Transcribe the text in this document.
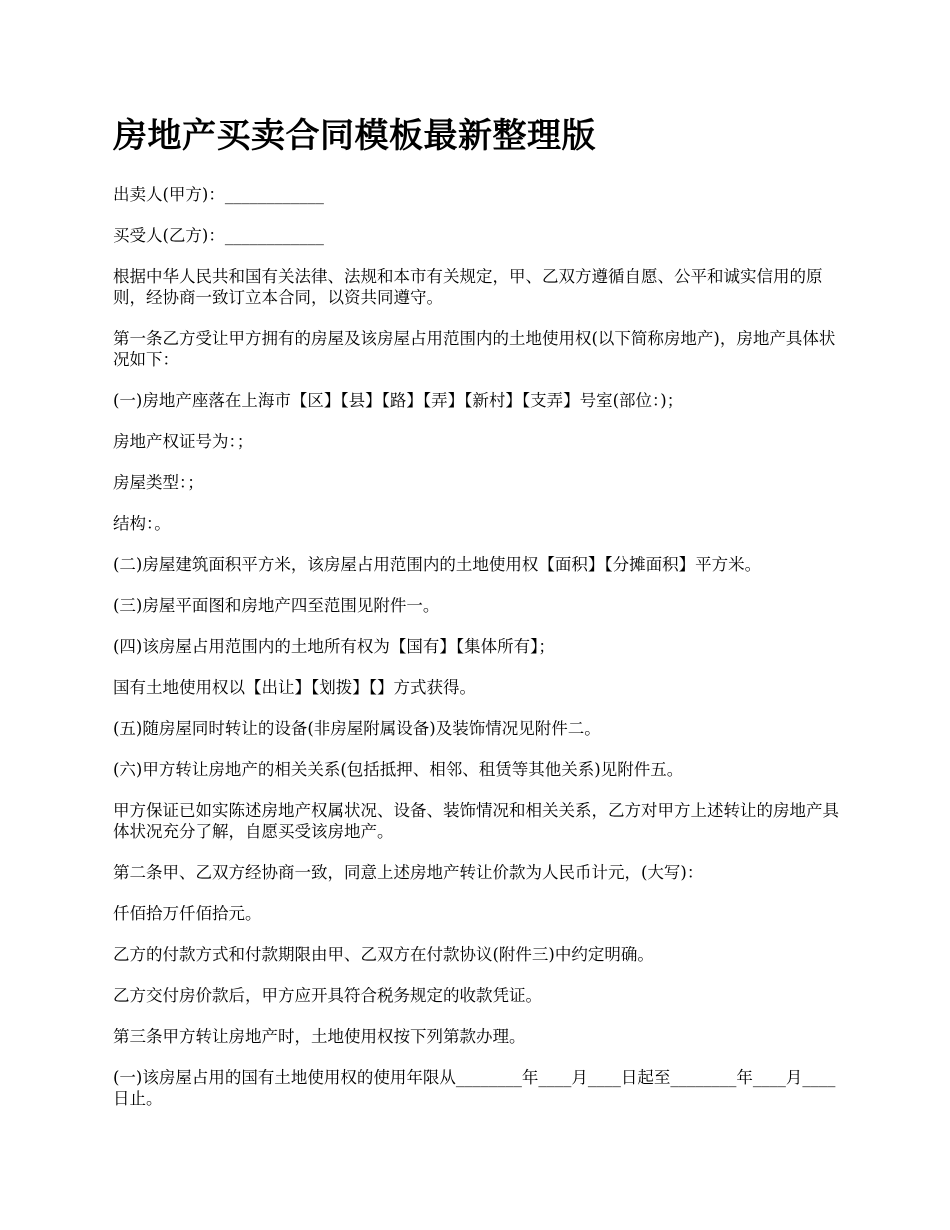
房地产买卖合同模板最新整理版

出卖人(甲方)：____________

买受人(乙方)：____________

根据中华人民共和国有关法律、法规和本市有关规定，甲、乙双方遵循自愿、公平和诚实信用的原则，经协商一致订立本合同，以资共同遵守。

第一条乙方受让甲方拥有的房屋及该房屋占用范围内的土地使用权(以下简称房地产)，房地产具体状况如下：

(一)房地产座落在上海市【区】【县】【路】【弄】【新村】【支弄】号室(部位：)；

房地产权证号为：；

房屋类型：；

结构：。

(二)房屋建筑面积平方米，该房屋占用范围内的土地使用权【面积】【分摊面积】平方米。

(三)房屋平面图和房地产四至范围见附件一。

(四)该房屋占用范围内的土地所有权为【国有】【集体所有】；

国有土地使用权以【出让】【划拨】【】方式获得。

(五)随房屋同时转让的设备(非房屋附属设备)及装饰情况见附件二。

(六)甲方转让房地产的相关关系(包括抵押、相邻、租赁等其他关系)见附件五。

甲方保证已如实陈述房地产权属状况、设备、装饰情况和相关关系，乙方对甲方上述转让的房地产具体状况充分了解，自愿买受该房地产。

第二条甲、乙双方经协商一致，同意上述房地产转让价款为人民币计元，(大写)：

仟佰拾万仟佰拾元。

乙方的付款方式和付款期限由甲、乙双方在付款协议(附件三)中约定明确。

乙方交付房价款后，甲方应开具符合税务规定的收款凭证。

第三条甲方转让房地产时，土地使用权按下列第款办理。

(一)该房屋占用的国有土地使用权的使用年限从________年____月____日起至________年____月____日止。
